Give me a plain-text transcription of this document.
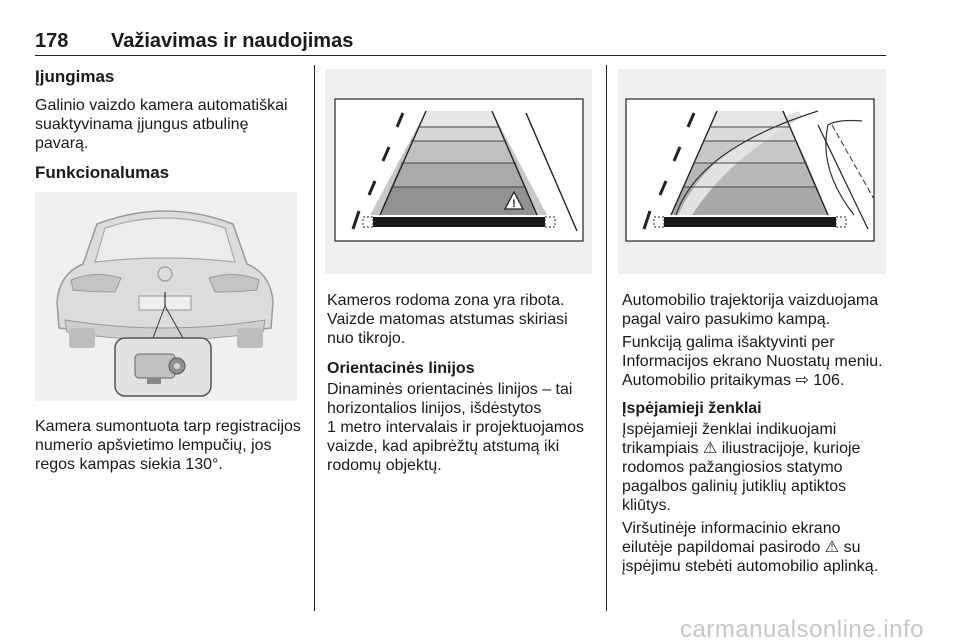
178 Važiavimas ir naudojimas
Įjungimas
Galinio vaizdo kamera automatiškai
suaktyvinama įjungus atbulinę
pavarą.
Funkcionalumas
Kamera sumontuota tarp registracijos
numerio apšvietimo lempučių, jos
regos kampas siekia 130°.
!
Kameros rodoma zona yra ribota.
Vaizde matomas atstumas skiriasi
nuo tikrojo.
Orientacinės linijos
Dinaminės orientacinės linijos – tai
horizontalios linijos, išdėstytos
1 metro intervalais ir projektuojamos
vaizde, kad apibrėžtų atstumą iki
rodomų objektų.
Automobilio trajektorija vaizduojama
pagal vairo pasukimo kampą.
Funkciją galima išaktyvinti per
Informacijos ekrano Nuostatų meniu.
Automobilio pritaikymas ⇨ 106.
Įspėjamieji ženklai
Įspėjamieji ženklai indikuojami
trikampiais ⚠ iliustracijoje, kurioje
rodomos pažangiosios statymo
pagalbos galinių jutiklių aptiktos
kliūtys.
Viršutinėje informacinio ekrano
eilutėje papildomai pasirodo ⚠ su
įspėjimu stebėti automobilio aplinką.
carmanualsonline.info
